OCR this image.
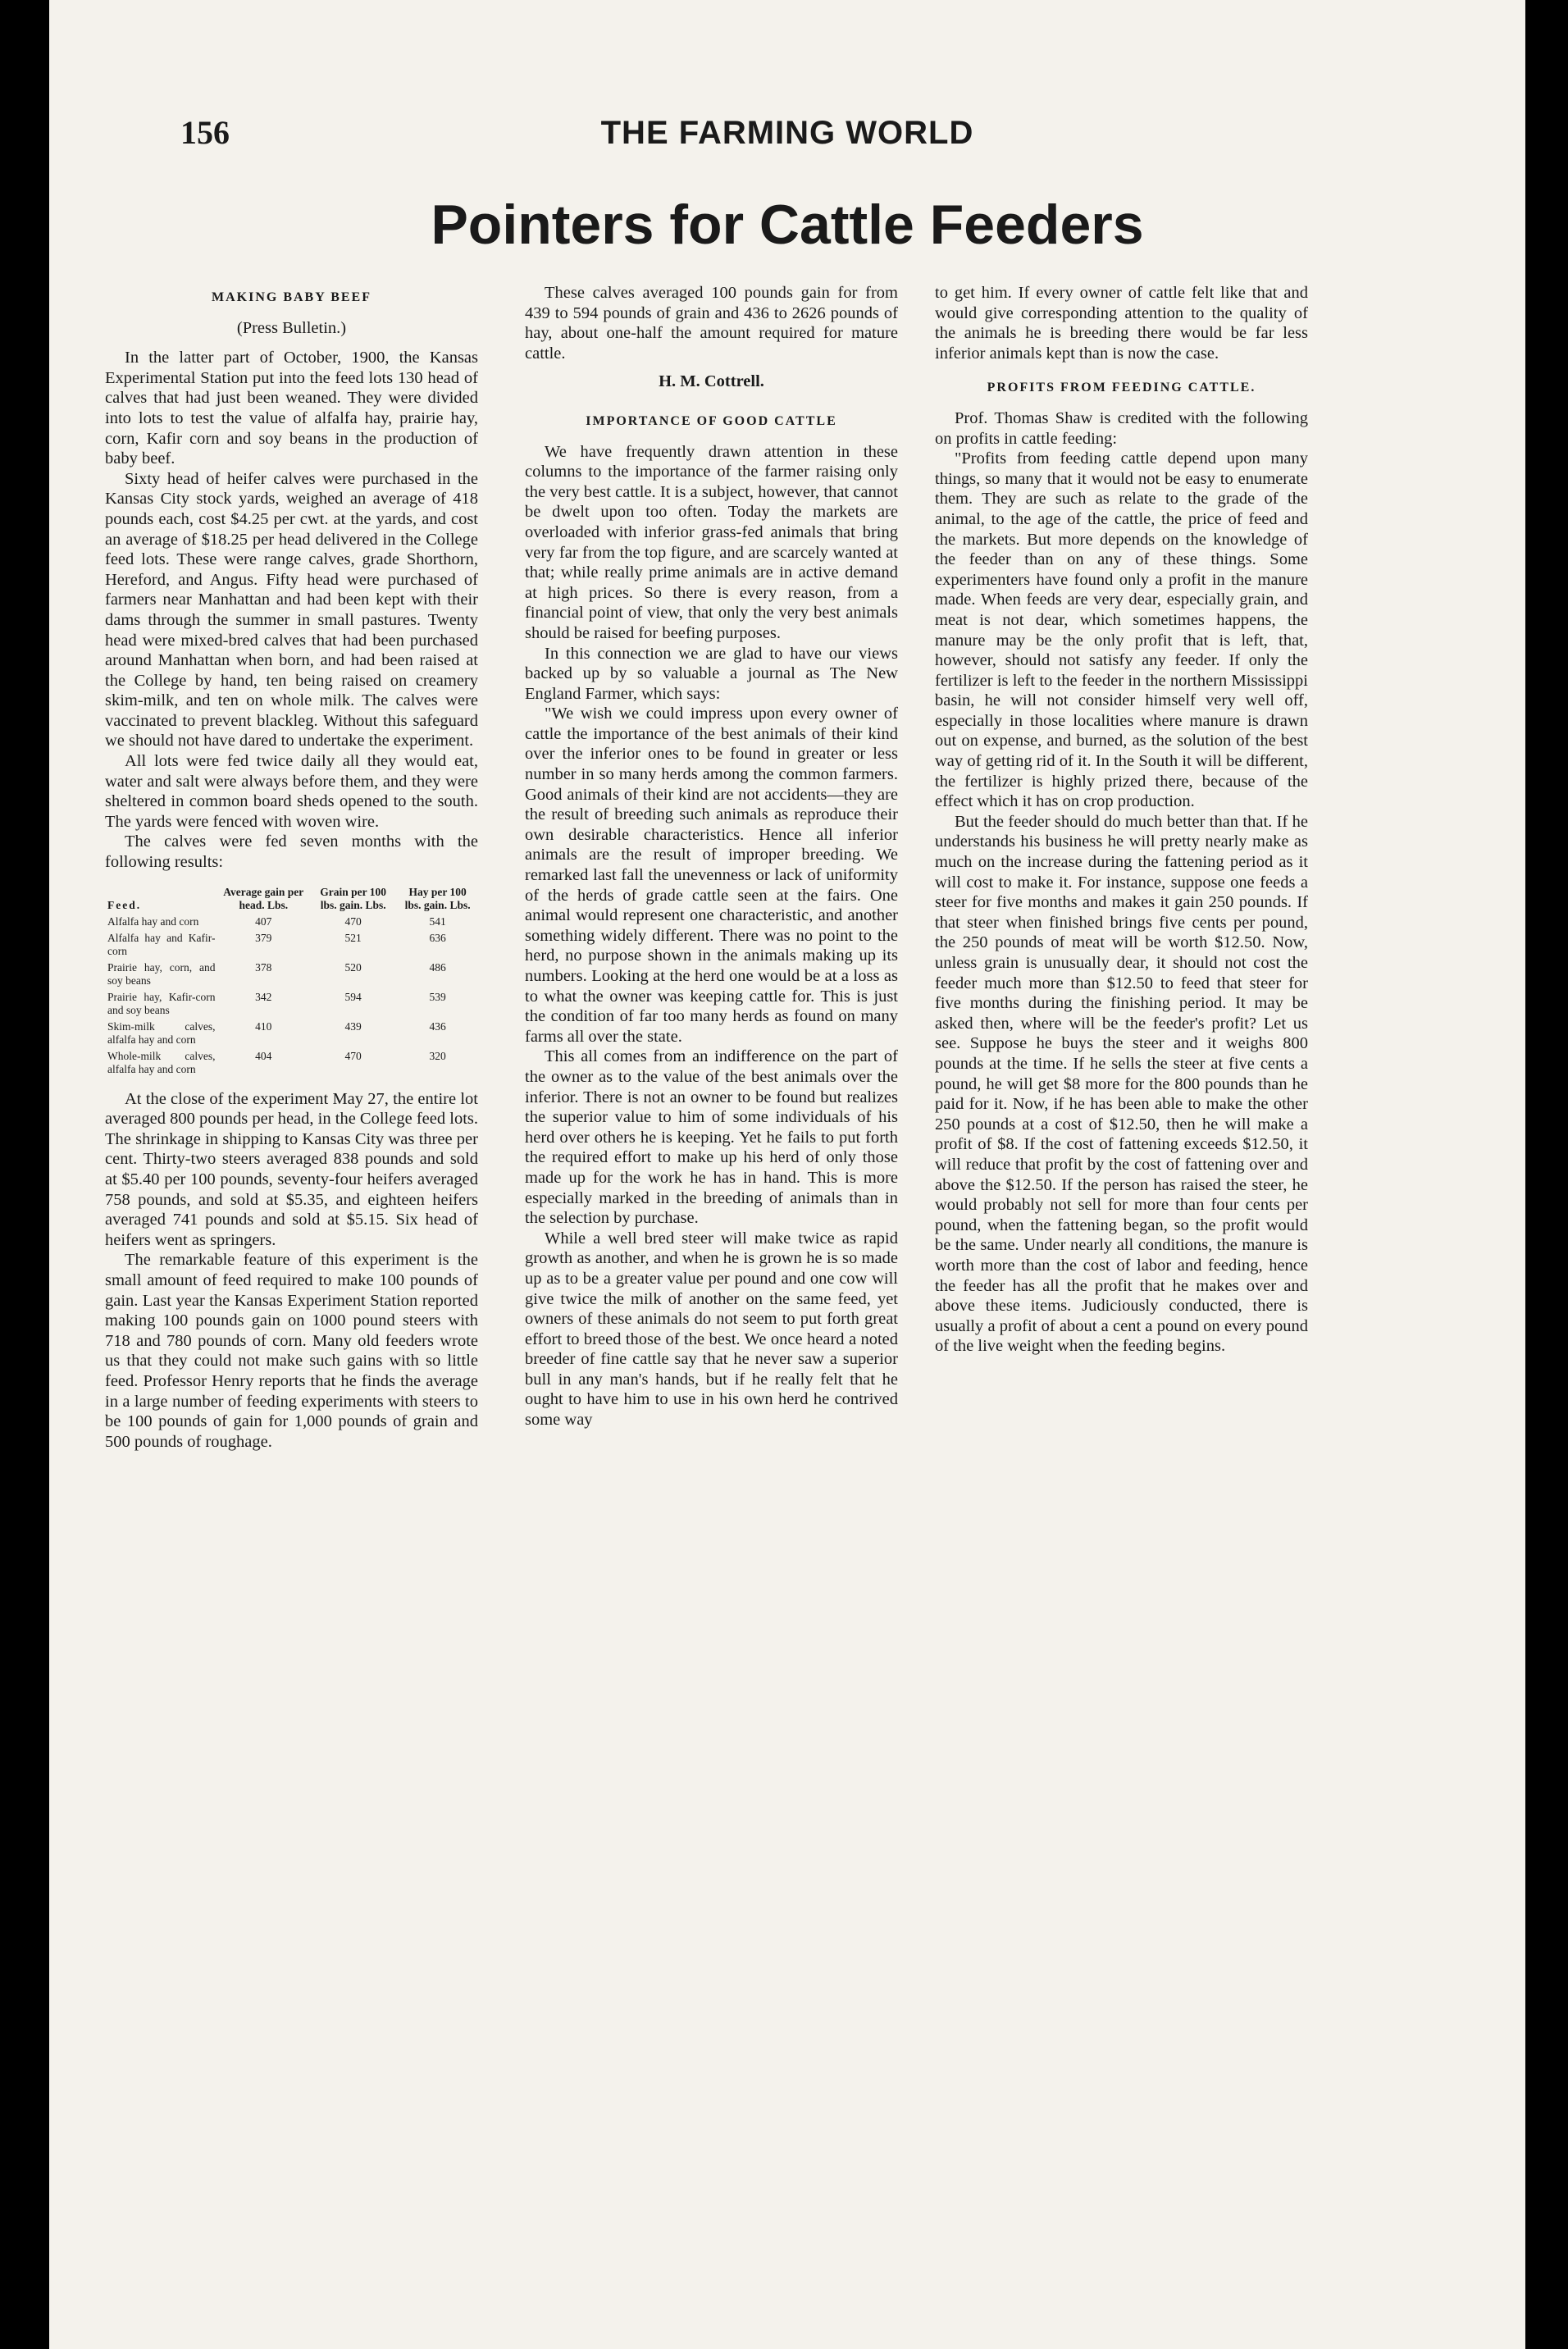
156	THE FARMING WORLD
Pointers for Cattle Feeders
MAKING BABY BEEF
(Press Bulletin.)

In the latter part of October, 1900, the Kansas Experimental Station put into the feed lots 130 head of calves that had just been weaned. They were divided into lots to test the value of alfalfa hay, prairie hay, corn, Kafir corn and soy beans in the production of baby beef.

Sixty head of heifer calves were purchased in the Kansas City stock yards, weighed an average of 418 pounds each, cost $4.25 per cwt. at the yards, and cost an average of $18.25 per head delivered in the College feed lots. These were range calves, grade Shorthorn, Hereford, and Angus. Fifty head were purchased of farmers near Manhattan and had been kept with their dams through the summer in small pastures. Twenty head were mixed-bred calves that had been purchased around Manhattan when born, and had been raised at the College by hand, ten being raised on creamery skim-milk, and ten on whole milk. The calves were vaccinated to prevent blackleg. Without this safeguard we should not have dared to undertake the experiment.

All lots were fed twice daily all they would eat, water and salt were always before them, and they were sheltered in common board sheds opened to the south. The yards were fenced with woven wire.

The calves were fed seven months with the following results:

Feed.	Average gain per head. Lbs.	Grain per 100 lbs. gain. Lbs.	Hay per 100 lbs. gain. Lbs.
Alfalfa hay and corn	407	470	541
Alfalfa hay and Kafir-corn	379	521	636
Prairie hay, corn, and soy beans	378	520	486
Prairie hay, Kafir-corn and soy beans	342	594	539
Skim-milk calves, alfalfa hay and corn	410	439	436
Whole-milk calves, alfalfa hay and corn	404	470	320

At the close of the experiment May 27, the entire lot averaged 800 pounds per head, in the College feed lots. The shrinkage in shipping to Kansas City was three per cent. Thirty-two steers averaged 838 pounds and sold at $5.40 per 100 pounds, seventy-four heifers averaged 758 pounds, and sold at $5.35, and eighteen heifers averaged 741 pounds and sold at $5.15. Six head of heifers went as springers.

The remarkable feature of this experiment is the small amount of feed required to make 100 pounds of gain. Last year the Kansas Experiment Station reported making 100 pounds gain on 1000 pound steers with 718 and 780 pounds of corn. Many old feeders wrote us that they could not make such gains with so little feed. Professor Henry reports that he finds the average in a large number of feeding experiments with steers to be 100 pounds of gain for 1,000 pounds of grain and 500 pounds of roughage.

These calves averaged 100 pounds gain for from 439 to 594 pounds of grain and 436 to 2626 pounds of hay, about one-half the amount required for mature cattle.

H. M. Cottrell.
IMPORTANCE OF GOOD CATTLE

We have frequently drawn attention in these columns to the importance of the farmer raising only the very best cattle. It is a subject, however, that cannot be dwelt upon too often. Today the markets are overloaded with inferior grass-fed animals that bring very far from the top figure, and are scarcely wanted at that; while really prime animals are in active demand at high prices. So there is every reason, from a financial point of view, that only the very best animals should be raised for beefing purposes.

In this connection we are glad to have our views backed up by so valuable a journal as The New England Farmer, which says:

"We wish we could impress upon every owner of cattle the importance of the best animals of their kind over the inferior ones to be found in greater or less number in so many herds among the common farmers. Good animals of their kind are not accidents—they are the result of breeding such animals as reproduce their own desirable characteristics. Hence all inferior animals are the result of improper breeding. We remarked last fall the unevenness or lack of uniformity of the herds of grade cattle seen at the fairs. One animal would represent one characteristic, and another something widely different. There was no point to the herd, no purpose shown in the animals making up its numbers. Looking at the herd one would be at a loss as to what the owner was keeping cattle for. This is just the condition of far too many herds as found on many farms all over the state.

This all comes from an indifference on the part of the owner as to the value of the best animals over the inferior. There is not an owner to be found but realizes the superior value to him of some individuals of his herd over others he is keeping. Yet he fails to put forth the required effort to make up his herd of only those made up for the work he has in hand. This is more especially marked in the breeding of animals than in the selection by purchase.

While a well bred steer will make twice as rapid growth as another, and when he is grown he is so made up as to be a greater value per pound and one cow will give twice the milk of another on the same feed, yet owners of these animals do not seem to put forth great effort to breed those of the best. We once heard a noted breeder of fine cattle say that he never saw a superior bull in any man's hands, but if he really felt that he ought to have him to use in his own herd he contrived some way

to get him. If every owner of cattle felt like that and would give corresponding attention to the quality of the animals he is breeding there would be far less inferior animals kept than is now the case.

PROFITS FROM FEEDING CATTLE.

Prof. Thomas Shaw is credited with the following on profits in cattle feeding:

"Profits from feeding cattle depend upon many things, so many that it would not be easy to enumerate them. They are such as relate to the grade of the animal, to the age of the cattle, the price of feed and the markets. But more depends on the knowledge of the feeder than on any of these things. Some experimenters have found only a profit in the manure made. When feeds are very dear, especially grain, and meat is not dear, which sometimes happens, the manure may be the only profit that is left, that, however, should not satisfy any feeder. If only the fertilizer is left to the feeder in the northern Mississippi basin, he will not consider himself very well off, especially in those localities where manure is drawn out on expense, and burned, as the solution of the best way of getting rid of it. In the South it will be different, the fertilizer is highly prized there, because of the effect which it has on crop production.

But the feeder should do much better than that. If he understands his business he will pretty nearly make as much on the increase during the fattening period as it will cost to make it. For instance, suppose one feeds a steer for five months and makes it gain 250 pounds. If that steer when finished brings five cents per pound, the 250 pounds of meat will be worth $12.50. Now, unless grain is unusually dear, it should not cost the feeder much more than $12.50 to feed that steer for five months during the finishing period. It may be asked then, where will be the feeder's profit? Let us see. Suppose he buys the steer and it weighs 800 pounds at the time. If he sells the steer at five cents a pound, he will get $8 more for the 800 pounds than he paid for it. Now, if he has been able to make the other 250 pounds at a cost of $12.50, then he will make a profit of $8. If the cost of fattening exceeds $12.50, it will reduce that profit by the cost of fattening over and above the $12.50. If the person has raised the steer, he would probably not sell for more than four cents per pound, when the fattening began, so the profit would be the same. Under nearly all conditions, the manure is worth more than the cost of labor and feeding, hence the feeder has all the profit that he makes over and above these items. Judiciously conducted, there is usually a profit of about a cent a pound on every pound of the live weight when the feeding begins.
